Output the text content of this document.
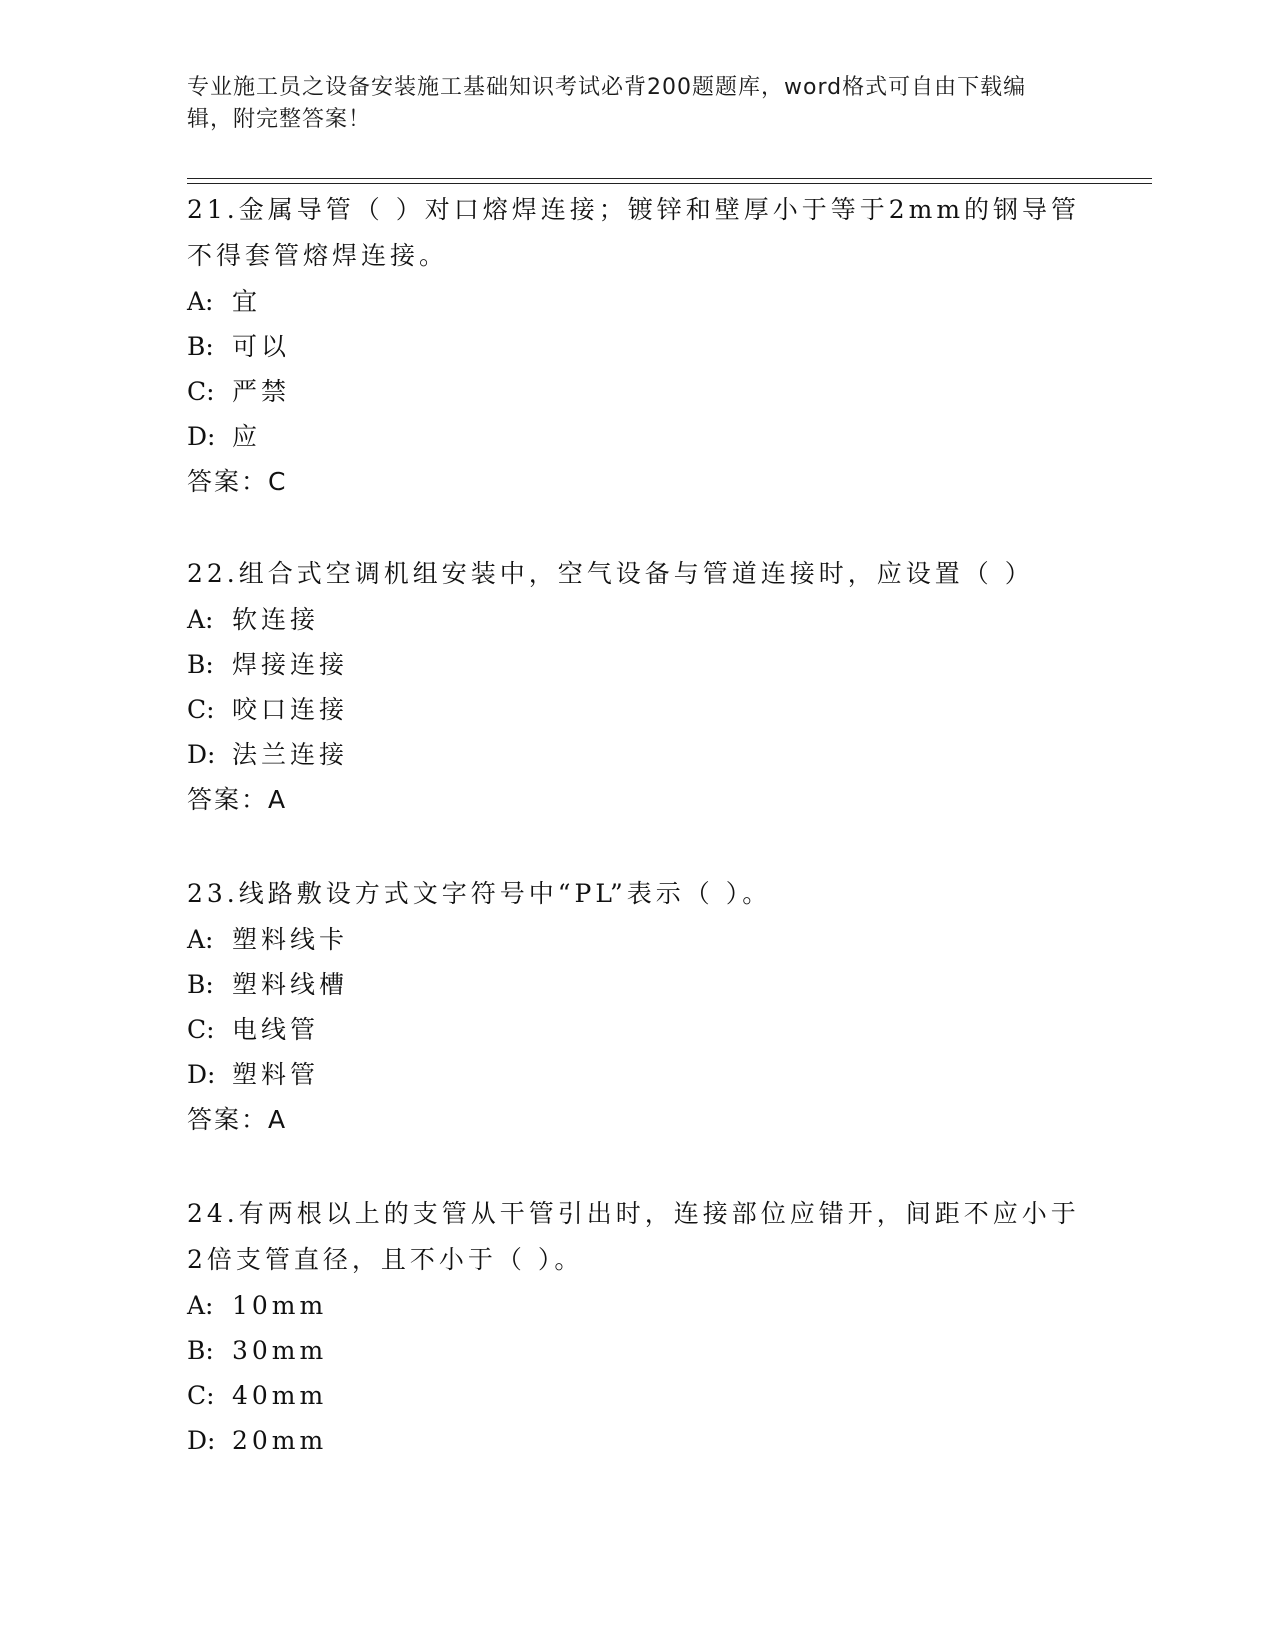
专业施工员之设备安装施工基础知识考试必背200题题库，word格式可自由下载编辑，附完整答案！

21.金属导管（ ）对口熔焊连接；镀锌和壁厚小于等于2mm的钢导管不得套管熔焊连接。

A: 宜

B: 可以

C: 严禁

D: 应

答案：C

22.组合式空调机组安装中，空气设备与管道连接时，应设置（ ）

A: 软连接

B: 焊接连接

C: 咬口连接

D: 法兰连接

答案：A

23.线路敷设方式文字符号中“PL”表示（ ）。

A: 塑料线卡

B: 塑料线槽

C: 电线管

D: 塑料管

答案：A

24.有两根以上的支管从干管引出时，连接部位应错开，间距不应小于2倍支管直径，且不小于（ ）。

A: 10mm

B: 30mm

C: 40mm

D: 20mm
